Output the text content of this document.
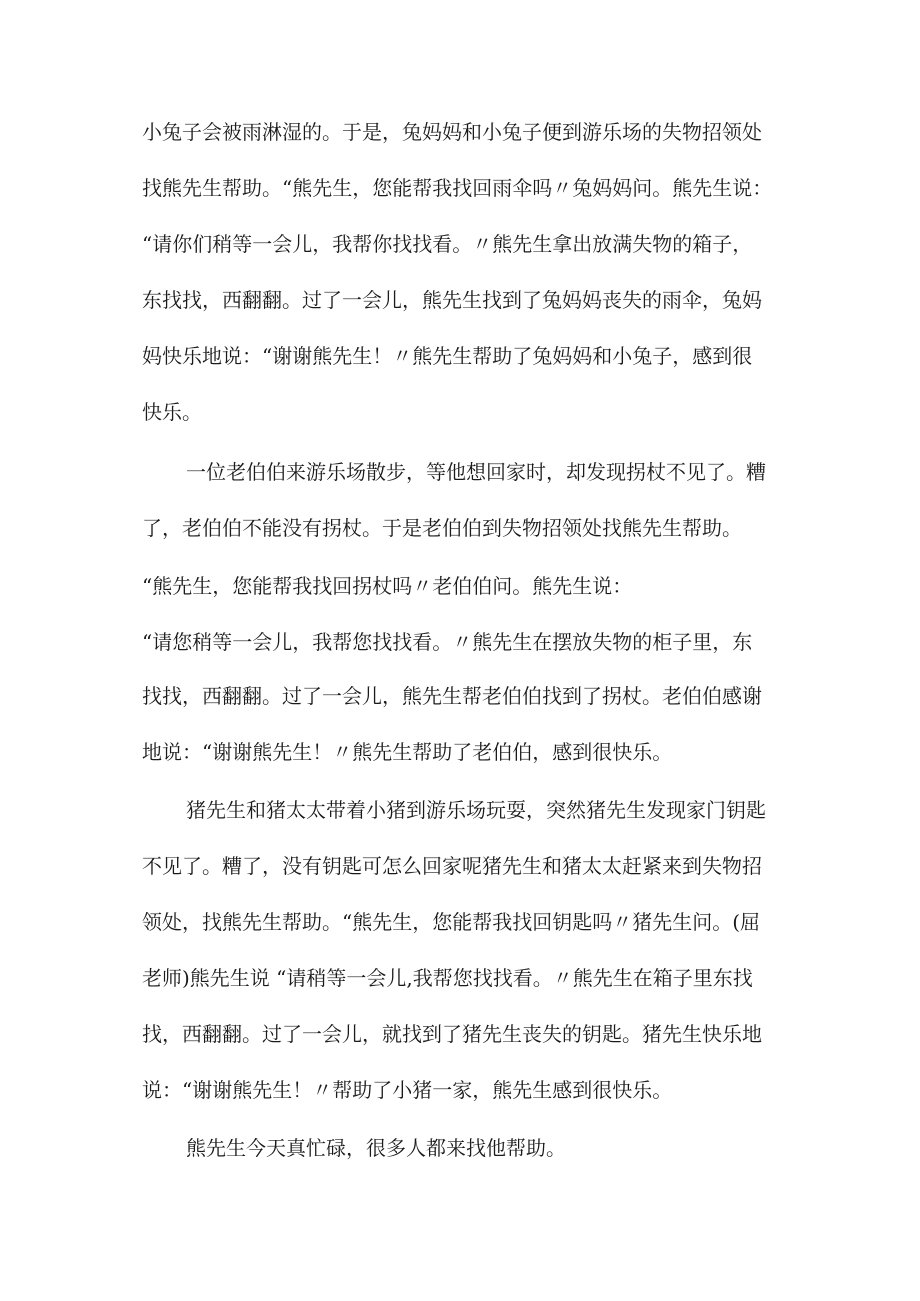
小兔子会被雨淋湿的。于是，兔妈妈和小兔子便到游乐场的失物招领处
找熊先生帮助。“熊先生，您能帮我找回雨伞吗〃兔妈妈问。熊先生说：
“请你们稍等一会儿，我帮你找找看。〃熊先生拿出放满失物的箱子，
东找找，西翻翻。过了一会儿，熊先生找到了兔妈妈丧失的雨伞，兔妈
妈快乐地说：“谢谢熊先生！〃熊先生帮助了兔妈妈和小兔子，感到很
快乐。
一位老伯伯来游乐场散步，等他想回家时，却发现拐杖不见了。糟
了，老伯伯不能没有拐杖。于是老伯伯到失物招领处找熊先生帮助。
“熊先生，您能帮我找回拐杖吗〃老伯伯问。熊先生说：
“请您稍等一会儿，我帮您找找看。〃熊先生在摆放失物的柜子里，东
找找，西翻翻。过了一会儿，熊先生帮老伯伯找到了拐杖。老伯伯感谢
地说：“谢谢熊先生！〃熊先生帮助了老伯伯，感到很快乐。
猪先生和猪太太带着小猪到游乐场玩耍，突然猪先生发现家门钥匙
不见了。糟了，没有钥匙可怎么回家呢猪先生和猪太太赶紧来到失物招
领处，找熊先生帮助。“熊先生，您能帮我找回钥匙吗〃猪先生问。(屈
老师)熊先生说 “请稍等一会儿,我帮您找找看。〃熊先生在箱子里东找
找，西翻翻。过了一会儿，就找到了猪先生丧失的钥匙。猪先生快乐地
说：“谢谢熊先生！〃帮助了小猪一家，熊先生感到很快乐。
熊先生今天真忙碌，很多人都来找他帮助。
